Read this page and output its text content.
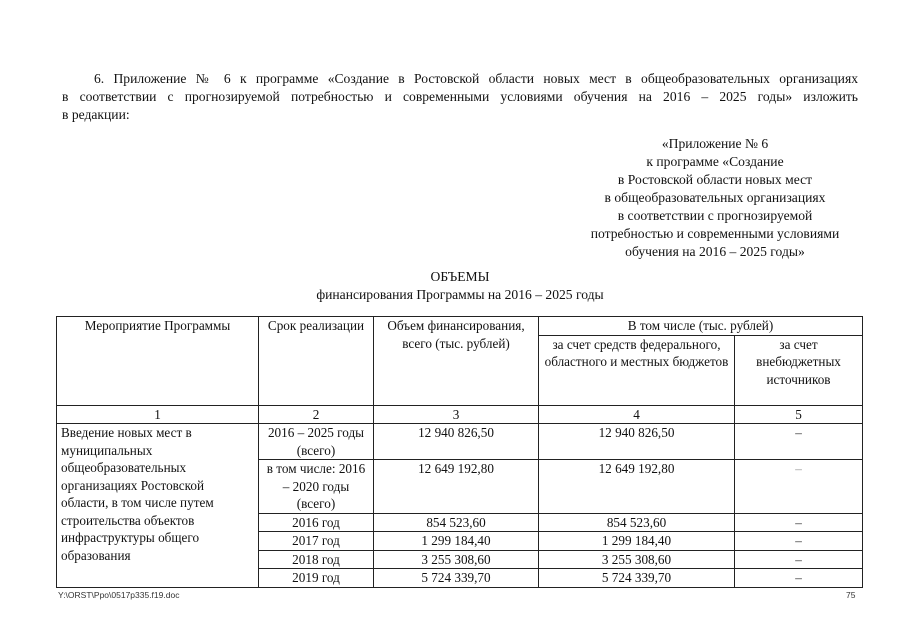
6. Приложение № 6 к программе «Создание в Ростовской области новых мест в общеобразовательных организациях
в соответствии с прогнозируемой потребностью и современными условиями обучения на 2016 – 2025 годы» изложить
в редакции:
«Приложение № 6
к программе «Создание
в Ростовской области новых мест
в общеобразовательных организациях
в соответствии с прогнозируемой
потребностью и современными условиями
обучения на 2016 – 2025 годы»
ОБЪЕМЫ
финансирования Программы на 2016 – 2025 годы
Мероприятие Программы	Срок реализации	Объем финансирования, всего (тыс. рублей)	В том числе (тыс. рублей)	
			за счет средств федерального, областного и местных бюджетов	за счет внебюджетных источников
1	2	3	4	5
Введение новых мест в муниципальных общеобразовательных организациях Ростовской области, в том числе путем строительства объектов инфраструктуры общего образования	2016 – 2025 годы (всего)	12 940 826,50	12 940 826,50	–
	в том числе: 2016 – 2020 годы (всего)	12 649 192,80	12 649 192,80	–
	2016 год	854 523,60	854 523,60	–
	2017 год	1 299 184,40	1 299 184,40	–
	2018 год	3 255 308,60	3 255 308,60	–
	2019 год	5 724 339,70	5 724 339,70	–
Y:\ORST\Ppo\0517p335.f19.doc	75
